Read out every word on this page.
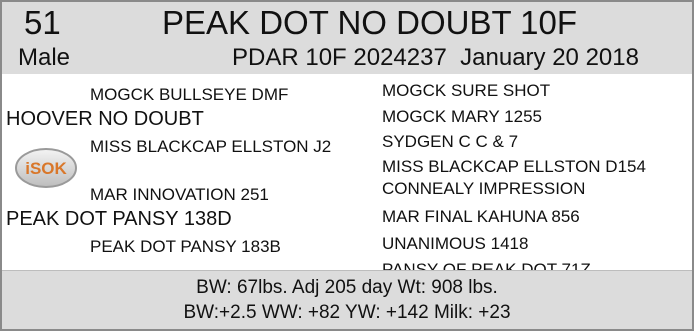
51	PEAK DOT NO DOUBT 10F
Male	PDAR 10F 2024237 January 20 2018
MOGCK BULLSEYE DMF
HOOVER NO DOUBT
MISS BLACKCAP ELLSTON J2
iSOK
MAR INNOVATION 251
PEAK DOT PANSY 138D
PEAK DOT PANSY 183B
MOGCK SURE SHOT
MOGCK MARY 1255
SYDGEN C C & 7
MISS BLACKCAP ELLSTON D154
CONNEALY IMPRESSION
MAR FINAL KAHUNA 856
UNANIMOUS 1418
BW: 67lbs. Adj 205 day Wt: 908 lbs.
BW:+2.5 WW: +82 YW: +142 Milk: +23
